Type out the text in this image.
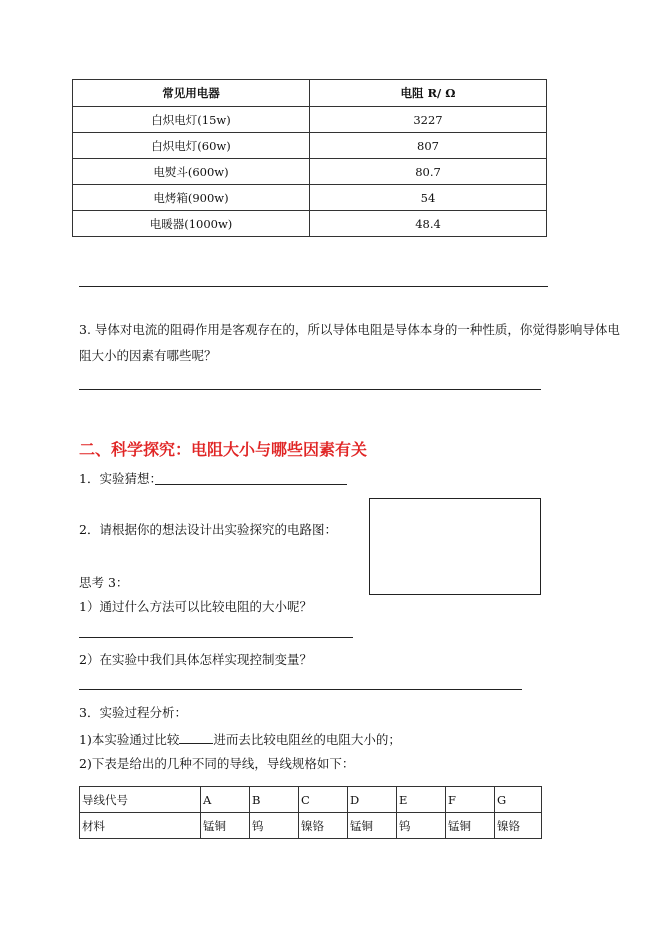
常见用电器	电阻 R/ Ω
白炽电灯(15w)	3227
白炽电灯(60w)	807
电熨斗(600w)	80.7
电烤箱(900w)	54
电暖器(1000w)	48.4
3. 导体对电流的阻碍作用是客观存在的，所以导体电阻是导体本身的一种性质，你觉得影响导体电
阻大小的因素有哪些呢？
二、科学探究：电阻大小与哪些因素有关
1．实验猜想：
2．请根据你的想法设计出实验探究的电路图：
思考 3：
1）通过什么方法可以比较电阻的大小呢？
2）在实验中我们具体怎样实现控制变量？
3．实验过程分析：
1)本实验通过比较	进而去比较电阻丝的电阻大小的；
2)下表是给出的几种不同的导线，导线规格如下：
导线代号	A	B	C	D	E	F	G
材料	锰铜	钨	镍铬	锰铜	钨	锰铜	镍铬
